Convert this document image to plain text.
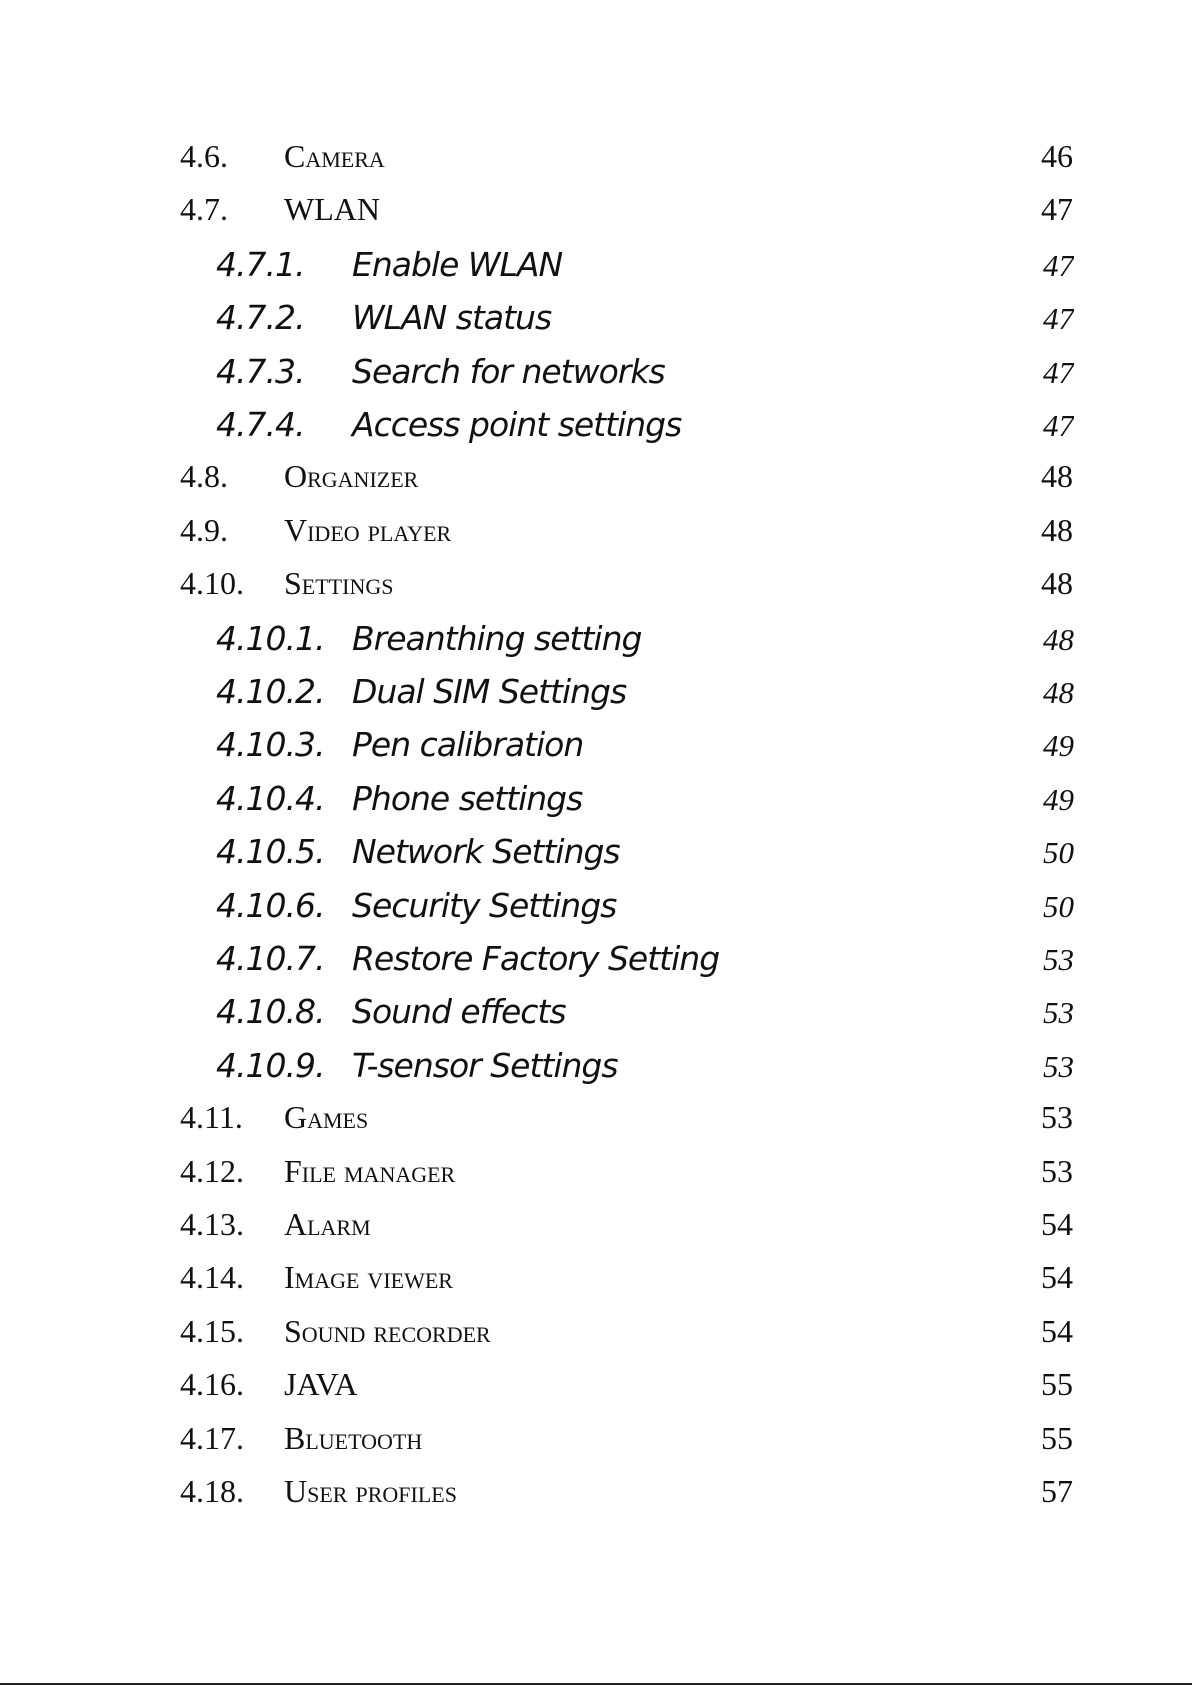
4.6.	Camera	46
4.7.	WLAN	47
4.7.1.	Enable WLAN	47
4.7.2.	WLAN status	47
4.7.3.	Search for networks	47
4.7.4.	Access point settings	47
4.8.	Organizer	48
4.9.	Video player	48
4.10.	Settings	48
4.10.1. Breanthing setting	48
4.10.2. Dual SIM Settings	48
4.10.3. Pen calibration	49
4.10.4. Phone settings	49
4.10.5. Network Settings	50
4.10.6. Security Settings	50
4.10.7. Restore Factory Setting	53
4.10.8. Sound effects	53
4.10.9. T-sensor Settings	53
4.11.	Games	53
4.12.	File manager	53
4.13.	Alarm	54
4.14.	Image viewer	54
4.15.	Sound recorder	54
4.16.	JAVA	55
4.17.	Bluetooth	55
4.18.	User profiles	57
